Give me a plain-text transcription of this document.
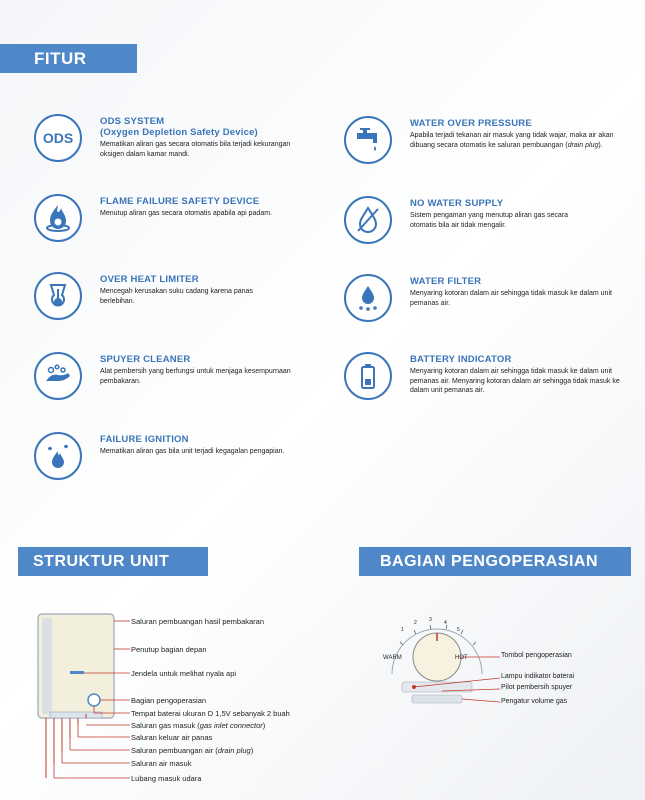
FITUR
STRUKTUR UNIT	BAGIAN PENGOPERASIAN
ODS
ODS SYSTEM
(Oxygen Depletion Safety Device)
Mematikan aliran gas secara otomatis bila terjadi kekurangan oksigen dalam kamar mandi.
FLAME FAILURE SAFETY DEVICE
Menutup aliran gas secara otomatis apabila api padam.
OVER HEAT LIMITER
Mencegah kerusakan suku cadang karena panas berlebihan.
SPUYER CLEANER
Alat pembersih yang berfungsi untuk menjaga kesempurnaan pembakaran.
FAILURE IGNITION
Mematikan aliran gas bila unit terjadi kegagalan pengapian.
WATER OVER PRESSURE
Apabila terjadi tekanan air masuk yang tidak wajar, maka air akan dibuang secara otomatis ke saluran pembuangan (drain plug).
NO WATER SUPPLY
Sistem pengaman yang menutup aliran gas secara otomatis bila air tidak mengalir.
WATER FILTER
Menyaring kotoran dalam air sehingga tidak masuk ke dalam unit pemanas air.
BATTERY INDICATOR
Menyaring kotoran dalam air sehingga tidak masuk ke dalam unit pemanas air. Menyaring kotoran dalam air sehingga tidak masuk ke dalam unit pemanas air.
Saluran pembuangan hasil pembakaran
Penutup bagian depan
Jendela untuk melihat nyala api
Bagian pengoperasian
Tempat baterai ukuran D 1,5V sebanyak 2 buah
Saluran gas masuk (gas inlet connector)
Saluran keluar air panas
Saluran pembuangan air (drain plug)
Saluran air masuk
Lubang masuk udara
WARM	HOT
1
2 3 4
5
Tombol pengoperasian
Lampu indikator baterai
Pilot pembersih spuyer
Pengatur volume gas
